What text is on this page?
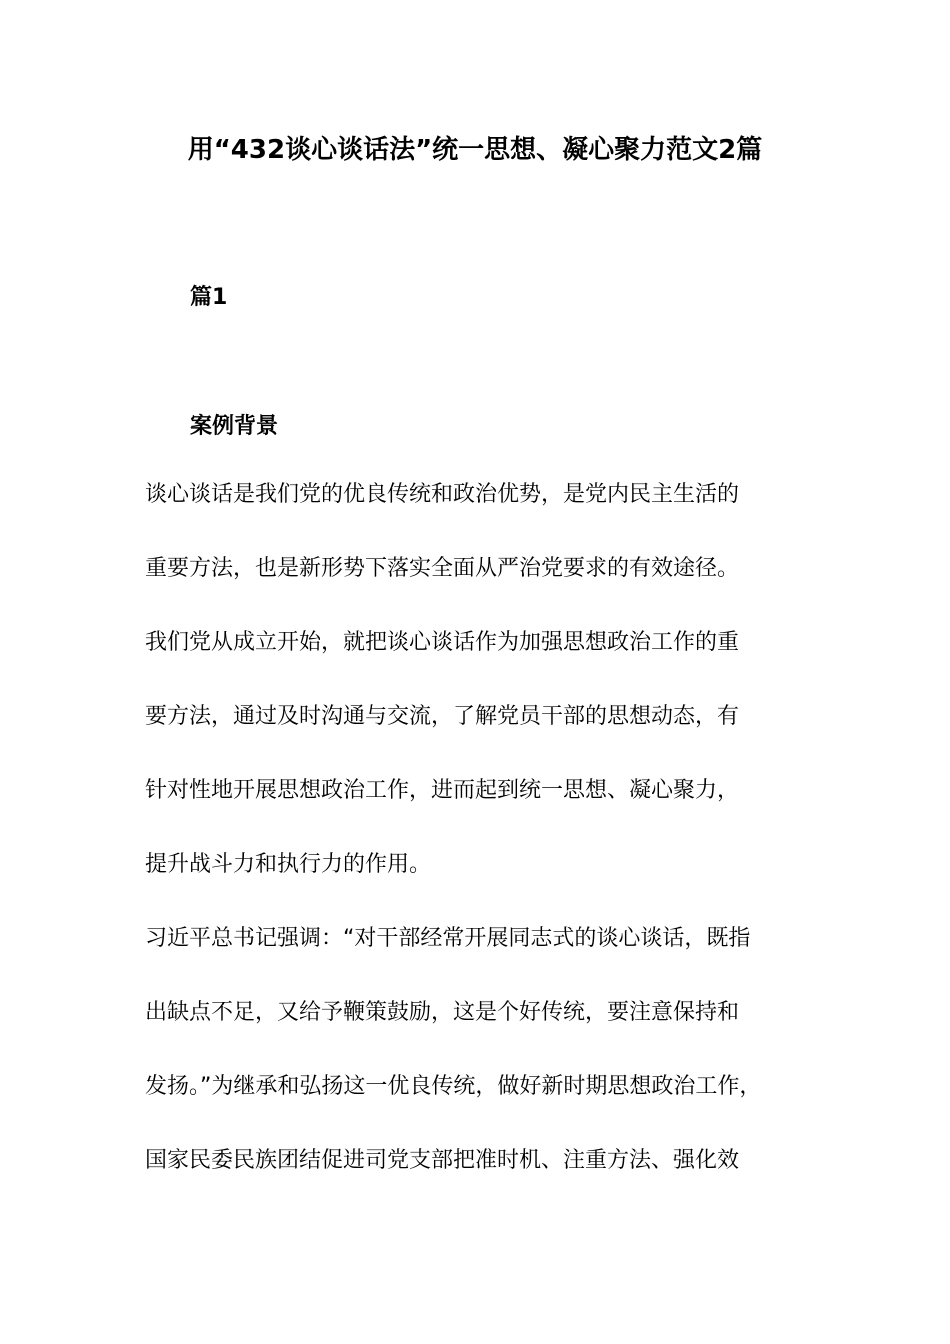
用“432谈心谈话法”统一思想、凝心聚力范文2篇
篇1
案例背景
谈心谈话是我们党的优良传统和政治优势，是党内民主生活的
重要方法，也是新形势下落实全面从严治党要求的有效途径。
我们党从成立开始，就把谈心谈话作为加强思想政治工作的重
要方法，通过及时沟通与交流，了解党员干部的思想动态，有
针对性地开展思想政治工作，进而起到统一思想、凝心聚力，
提升战斗力和执行力的作用。
习近平总书记强调：“对干部经常开展同志式的谈心谈话，既指
出缺点不足，又给予鞭策鼓励，这是个好传统，要注意保持和
发扬。”为继承和弘扬这一优良传统，做好新时期思想政治工作，
国家民委民族团结促进司党支部把准时机、注重方法、强化效
